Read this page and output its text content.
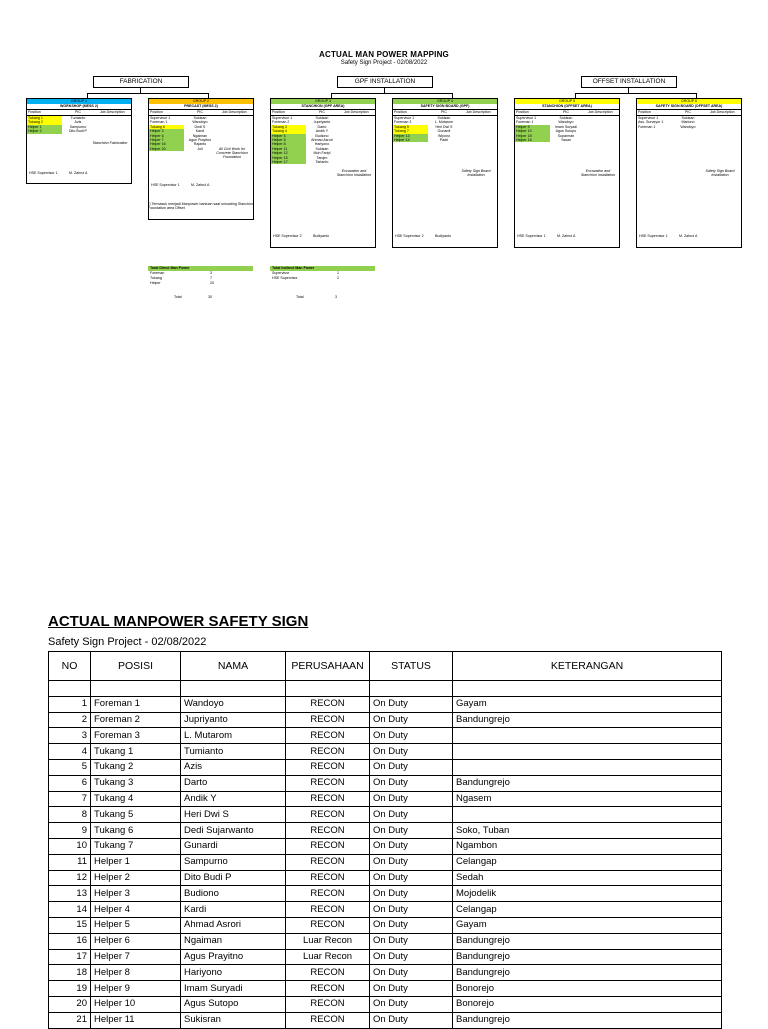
ACTUAL MAN POWER MAPPING
Safety Sign Project - 02/08/2022
FABRICATION	GPF INSTALLATION	OFFSET INSTALLATION
GROUP 1
WORKSHOP (MESS 2)
Position	PIC	Job Description
Tukang 1	Tumianto
Tukang 2	Azis
Helper 1	Sampurno
Helper 2	Dito Budi P
Stanchion Fabrication
HSE Supervisor 1	M. Zahrul A
GROUP 2
PRECAST (MESS 2)
Position	PIC	Job Description
Supervisor 1	Sukisan
Foreman 1	Wandoyo
Tukang 6	Dedi S
Helper 3	Kardi
Helper 6	Ngaiman
Helper 7	Agus Prayitno
Helper 16	Rajanto
Helper 20	Juli	All Civil Work for Concrete Stanchion Foundation
HSE Supervisor 1	M. Zahrul A
*) Termasuk menjadi Manpower bantuan saat unloading Stanchion Foundation area Offset
GROUP 3
STANCHION (GPF AREA)
Position	PIC	Job Description
Supervisor 1	Sukisan
Foreman 2	Jupriyanto
Tukang 3	Darto
Tukang 4	Andik Y
Helper 5	Budiono
Helper 5	Ahmad Asrori
Helper 8	Hariyono
Helper 11	Sukisan
Helper 12	Moh Faripl
Helper 15	Tarqim
Helper 17	Tarianto
Excavation and Stanchion Installation
HSE Supervisor 2	Budiyanto
GROUP 4
SAFETY SIGN BOARD (GPF)
Position	PIC	Job Description
Supervisor 1	Sukisan
Foreman 3	L. Mutarom
Tukang 5	Heri Dwi S
Tukang 7	Gunardi
Helper 13	Wiyono
Helper 14	Padri
Safety Sign Board Installation
HSE Supervisor 2	Budiyanto
GROUP 5
STANCHION (OFFSET AREA)
Position	PIC	Job Description
Supervisor 1	Sukisan
Foreman 1	Wandoyo
Helper 9	Imam Suryadi
Helper 10	Agus Sutopo
Helper 18	Suparman
Helper 16	Yauan
Excavation and Stanchion Installation
HSE Supervisor 1	M. Zahrul A
GROUP 6
SAFETY SIGN BOARD (OFFSET AREA)
Position	PIC	Job Description
Supervisor 1	Sukisan
Ass. Surveyor 1	Marlono
Foreman 1	Wandoyo
Safety Sign Board Installation
HSE Supervisor 1	M. Zahrul A
Total Direct Man Power
Foreman	3
Tukang	7
Helper	20
Total	30
Total Indirect Man Power
Supervisor	1
HSE Supervisor	2
Total	3
ACTUAL MANPOWER SAFETY SIGN
Safety Sign Project - 02/08/2022
NO	POSISI	NAMA	PERUSAHAAN	STATUS	KETERANGAN

1	Foreman 1	Wandoyo	RECON	On Duty	Gayam
2	Foreman 2	Jupriyanto	RECON	On Duty	Bandungrejo
3	Foreman 3	L. Mutarom	RECON	On Duty	
4	Tukang 1	Tumianto	RECON	On Duty	
5	Tukang 2	Azis	RECON	On Duty	
6	Tukang 3	Darto	RECON	On Duty	Bandungrejo
7	Tukang 4	Andik Y	RECON	On Duty	Ngasem
8	Tukang 5	Heri Dwi S	RECON	On Duty	
9	Tukang 6	Dedi Sujarwanto	RECON	On Duty	Soko, Tuban
10	Tukang 7	Gunardi	RECON	On Duty	Ngambon
11	Helper 1	Sampurno	RECON	On Duty	Celangap
12	Helper 2	Dito Budi P	RECON	On Duty	Sedah
13	Helper 3	Budiono	RECON	On Duty	Mojodelik
14	Helper 4	Kardi	RECON	On Duty	Celangap
15	Helper 5	Ahmad Asrori	RECON	On Duty	Gayam
16	Helper 6	Ngaiman	Luar Recon	On Duty	Bandungrejo
17	Helper 7	Agus Prayitno	Luar Recon	On Duty	Bandungrejo
18	Helper 8	Hariyono	RECON	On Duty	Bandungrejo
19	Helper 9	Imam Suryadi	RECON	On Duty	Bonorejo
20	Helper 10	Agus Sutopo	RECON	On Duty	Bonorejo
21	Helper 11	Sukisran	RECON	On Duty	Bandungrejo
